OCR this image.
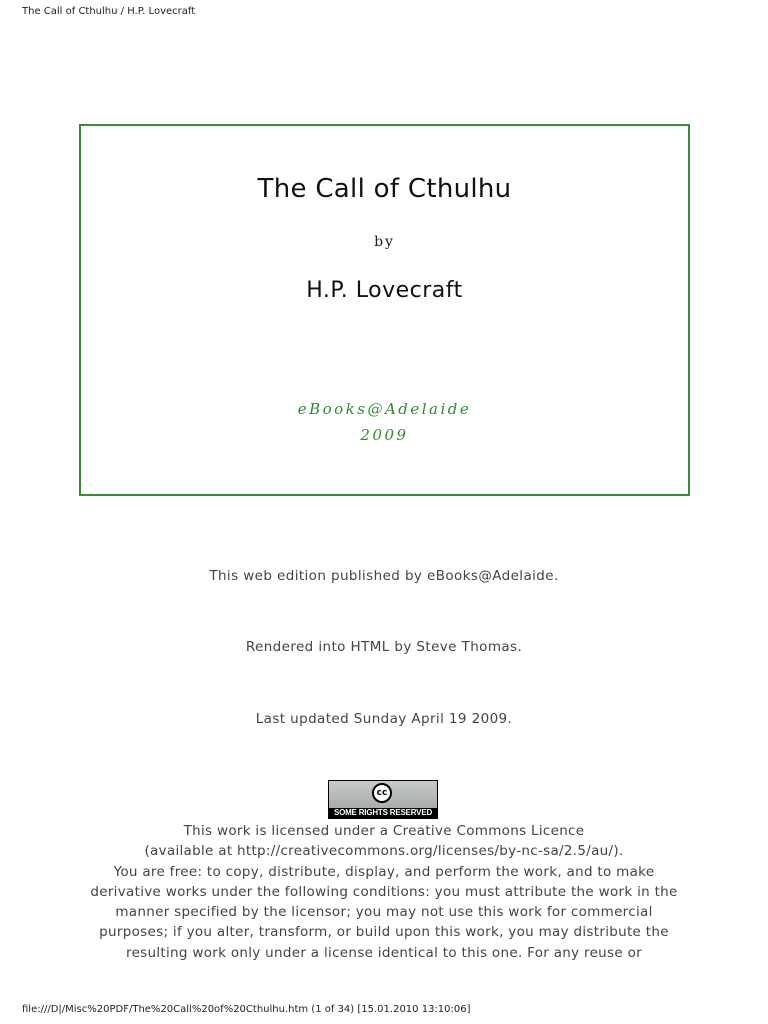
The Call of Cthulhu / H.P. Lovecraft
The Call of Cthulhu
by
H.P. Lovecraft
eBooks@Adelaide
2009
This web edition published by eBooks@Adelaide.
Rendered into HTML by Steve Thomas.
Last updated Sunday April 19 2009.
cc
SOME RIGHTS RESERVED
This work is licensed under a Creative Commons Licence
(available at http://creativecommons.org/licenses/by-nc-sa/2.5/au/).
You are free: to copy, distribute, display, and perform the work, and to make
derivative works under the following conditions: you must attribute the work in the
manner specified by the licensor; you may not use this work for commercial
purposes; if you alter, transform, or build upon this work, you may distribute the
resulting work only under a license identical to this one. For any reuse or
file:///D|/Misc%20PDF/The%20Call%20of%20Cthulhu.htm (1 of 34) [15.01.2010 13:10:06]
